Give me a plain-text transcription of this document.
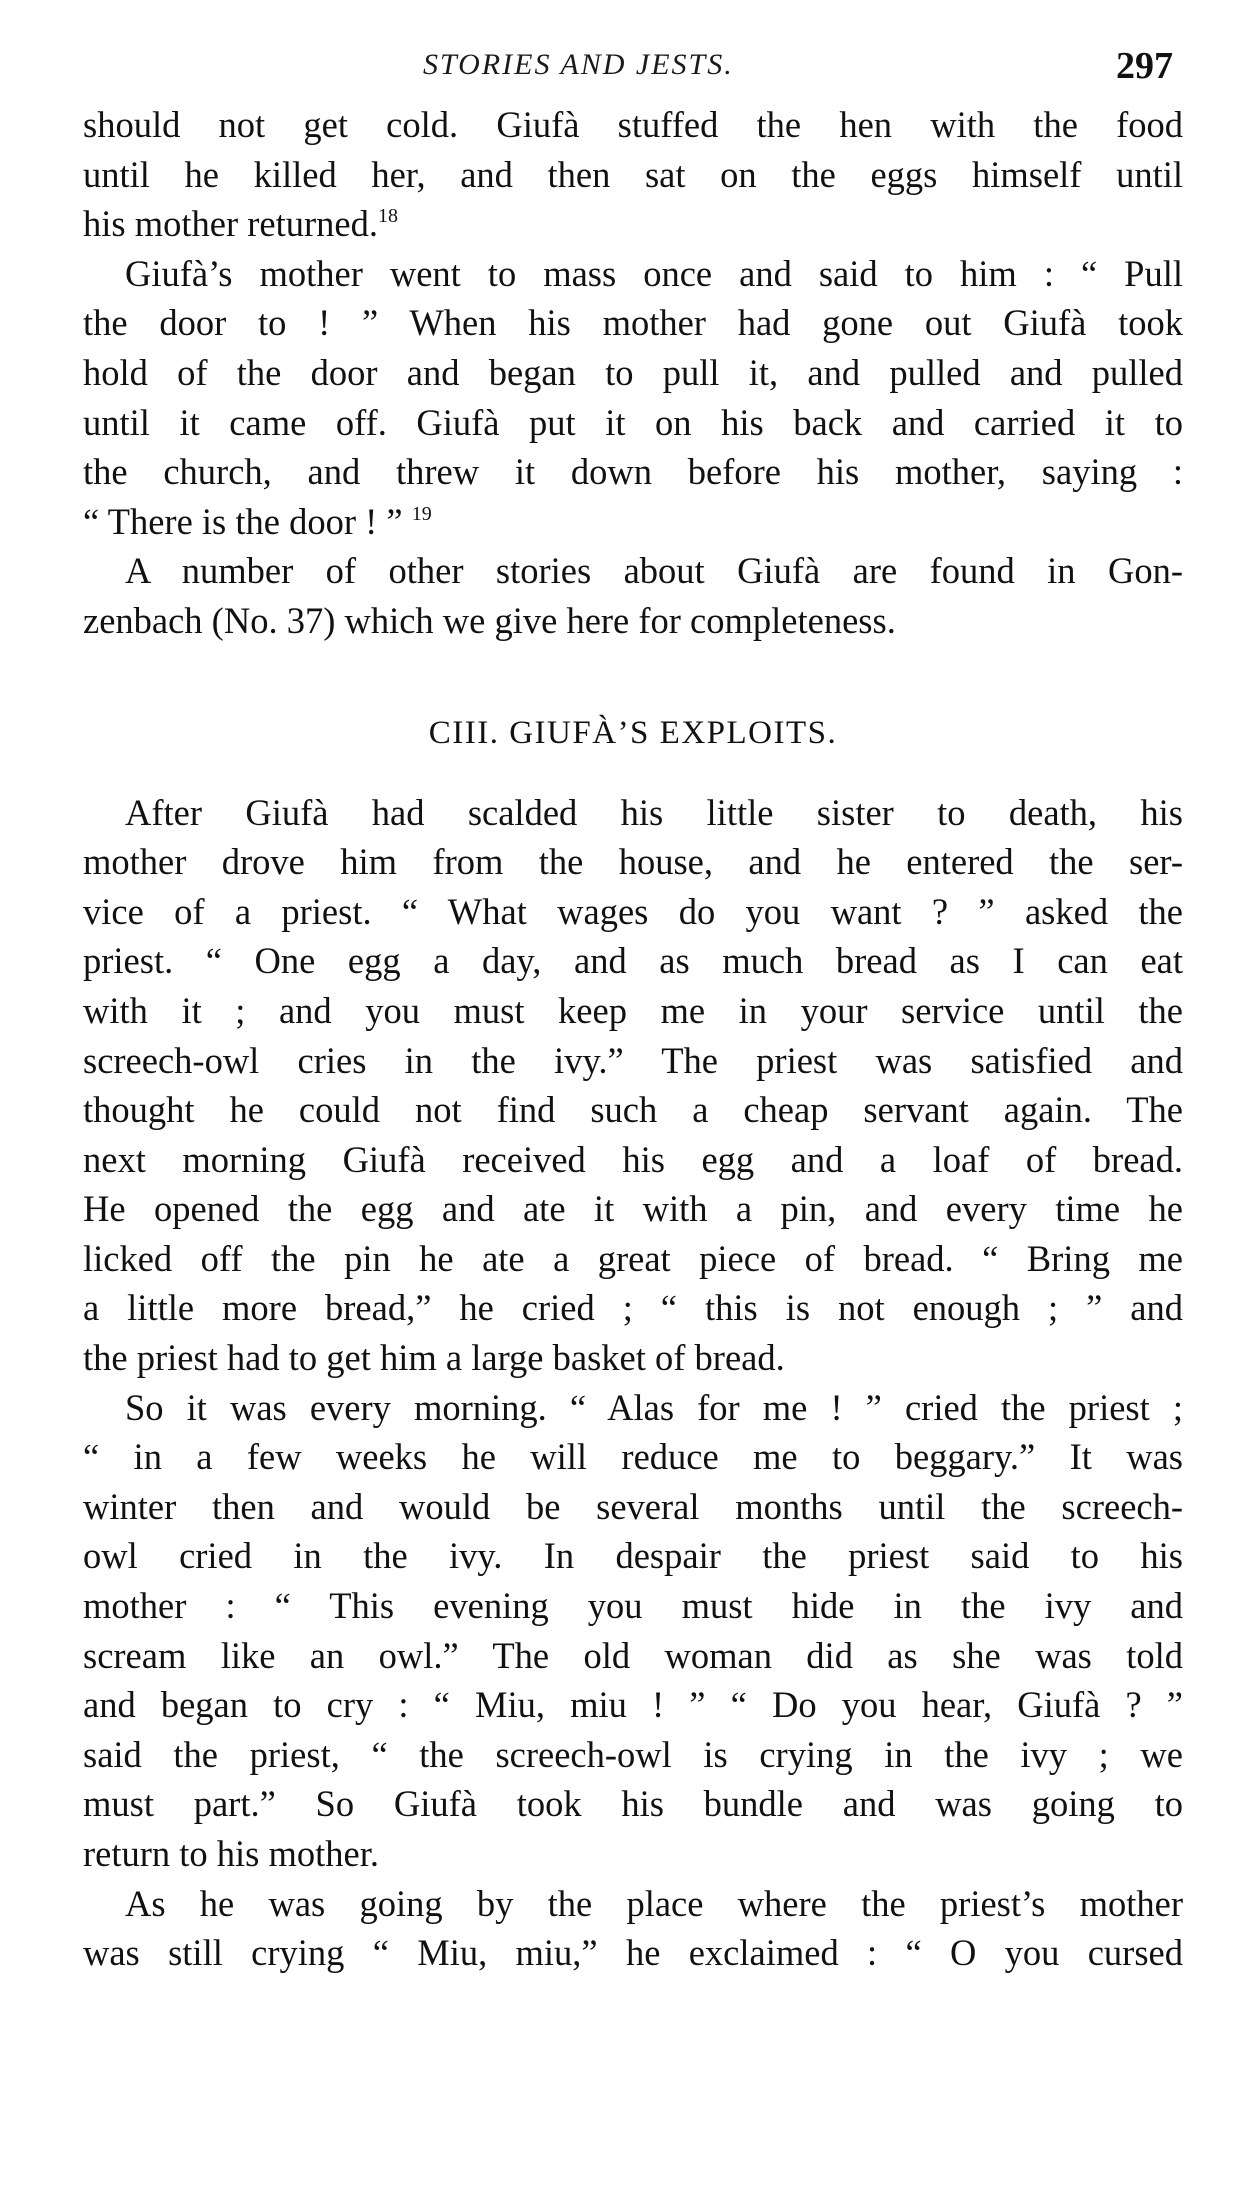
STORIES AND JESTS.	297

should not get cold. Giufà stuffed the hen with the food
until he killed her, and then sat on the eggs himself until
his mother returned.$^{18}$

Giufà’s mother went to mass once and said to him : “ Pull
the door to ! ” When his mother had gone out Giufà took
hold of the door and began to pull it, and pulled and pulled
until it came off. Giufà put it on his back and carried it to
the church, and threw it down before his mother, saying :
“ There is the door ! ” $^{19}$

A number of other stories about Giufà are found in Gon-
zenbach (No. 37) which we give here for completeness.

CIII. GIUFÀ’S EXPLOITS.

After Giufà had scalded his little sister to death, his
mother drove him from the house, and he entered the ser-
vice of a priest. “ What wages do you want ? ” asked the
priest. “ One egg a day, and as much bread as I can eat
with it ; and you must keep me in your service until the
screech-owl cries in the ivy.” The priest was satisfied and
thought he could not find such a cheap servant again. The
next morning Giufà received his egg and a loaf of bread.
He opened the egg and ate it with a pin, and every time he
licked off the pin he ate a great piece of bread. “ Bring me
a little more bread,” he cried ; “ this is not enough ; ” and
the priest had to get him a large basket of bread.

So it was every morning. “ Alas for me ! ” cried the priest ;
“ in a few weeks he will reduce me to beggary.” It was
winter then and would be several months until the screech-
owl cried in the ivy. In despair the priest said to his
mother : “ This evening you must hide in the ivy and
scream like an owl.” The old woman did as she was told
and began to cry : “ Miu, miu ! ” “ Do you hear, Giufà ? ”
said the priest, “ the screech-owl is crying in the ivy ; we
must part.” So Giufà took his bundle and was going to
return to his mother.

As he was going by the place where the priest’s mother
was still crying “ Miu, miu,” he exclaimed : “ O you cursed
